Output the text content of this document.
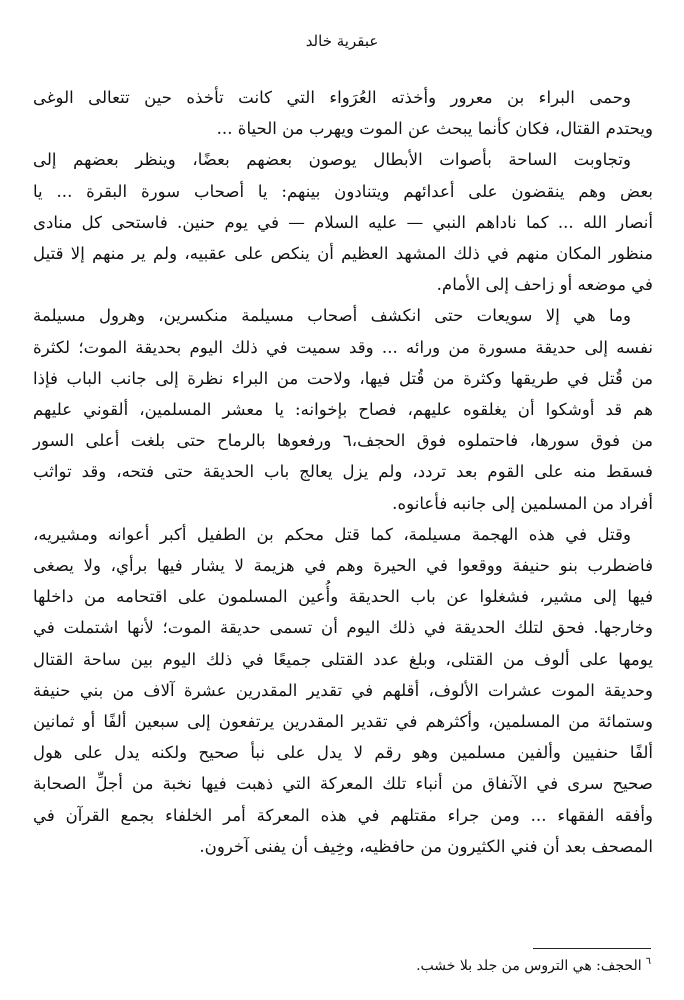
عبقرية خالد

وحمى البراء بن معرور وأخذته العُرَواء التي كانت تأخذه حين تتعالى الوغى
ويحتدم القتال، فكان كأنما يبحث عن الموت ويهرب من الحياة ...

وتجاوبت الساحة بأصوات الأبطال يوصون بعضهم بعضًا، وينظر بعضهم إلى
بعض وهم ينقضون على أعدائهم ويتنادون بينهم: يا أصحاب سورة البقرة ... يا
أنصار الله ... كما ناداهم النبي — عليه السلام — في يوم حنين. فاستحى كل منادى
منظور المكان منهم في ذلك المشهد العظيم أن ينكص على عقبيه، ولم ير منهم إلا قتيل
في موضعه أو زاحف إلى الأمام.

وما هي إلا سويعات حتى انكشف أصحاب مسيلمة منكسرين، وهرول مسيلمة
نفسه إلى حديقة مسورة من ورائه ... وقد سميت في ذلك اليوم بحديقة الموت؛ لكثرة
من قُتل في طريقها وكثرة من قُتل فيها، ولاحت من البراء نظرة إلى جانب الباب فإذا
هم قد أوشكوا أن يغلقوه عليهم، فصاح بإخوانه: يا معشر المسلمين، ألقوني عليهم
من فوق سورها، فاحتملوه فوق الحجف،٦ ورفعوها بالرماح حتى بلغت أعلى السور
فسقط منه على القوم بعد تردد، ولم يزل يعالج باب الحديقة حتى فتحه، وقد تواثب
أفراد من المسلمين إلى جانبه فأعانوه.

وقتل في هذه الهجمة مسيلمة، كما قتل محكم بن الطفيل أكبر أعوانه ومشيريه،
فاضطرب بنو حنيفة ووقعوا في الحيرة وهم في هزيمة لا يشار فيها برأي، ولا يصغى
فيها إلى مشير، فشغلوا عن باب الحديقة وأُعين المسلمون على اقتحامه من داخلها
وخارجها. فحق لتلك الحديقة في ذلك اليوم أن تسمى حديقة الموت؛ لأنها اشتملت في
يومها على ألوف من القتلى، وبلغ عدد القتلى جميعًا في ذلك اليوم بين ساحة القتال
وحديقة الموت عشرات الألوف، أقلهم في تقدير المقدرين عشرة آلاف من بني حنيفة
وستمائة من المسلمين، وأكثرهم في تقدير المقدرين يرتفعون إلى سبعين ألفًا أو ثمانين
ألفًا حنفيين وألفين مسلمين وهو رقم لا يدل على نبأ صحيح ولكنه يدل على هول
صحيح سرى في الآنفاق من أنباء تلك المعركة التي ذهبت فيها نخبة من أجلِّ الصحابة
وأفقه الفقهاء ... ومن جراء مقتلهم في هذه المعركة أمر الخلفاء بجمع القرآن في
المصحف بعد أن فني الكثيرون من حافظيه، وخِيف أن يفنى آخرون.

$^٦$الحجف: هي التروس من جلد بلا خشب.
